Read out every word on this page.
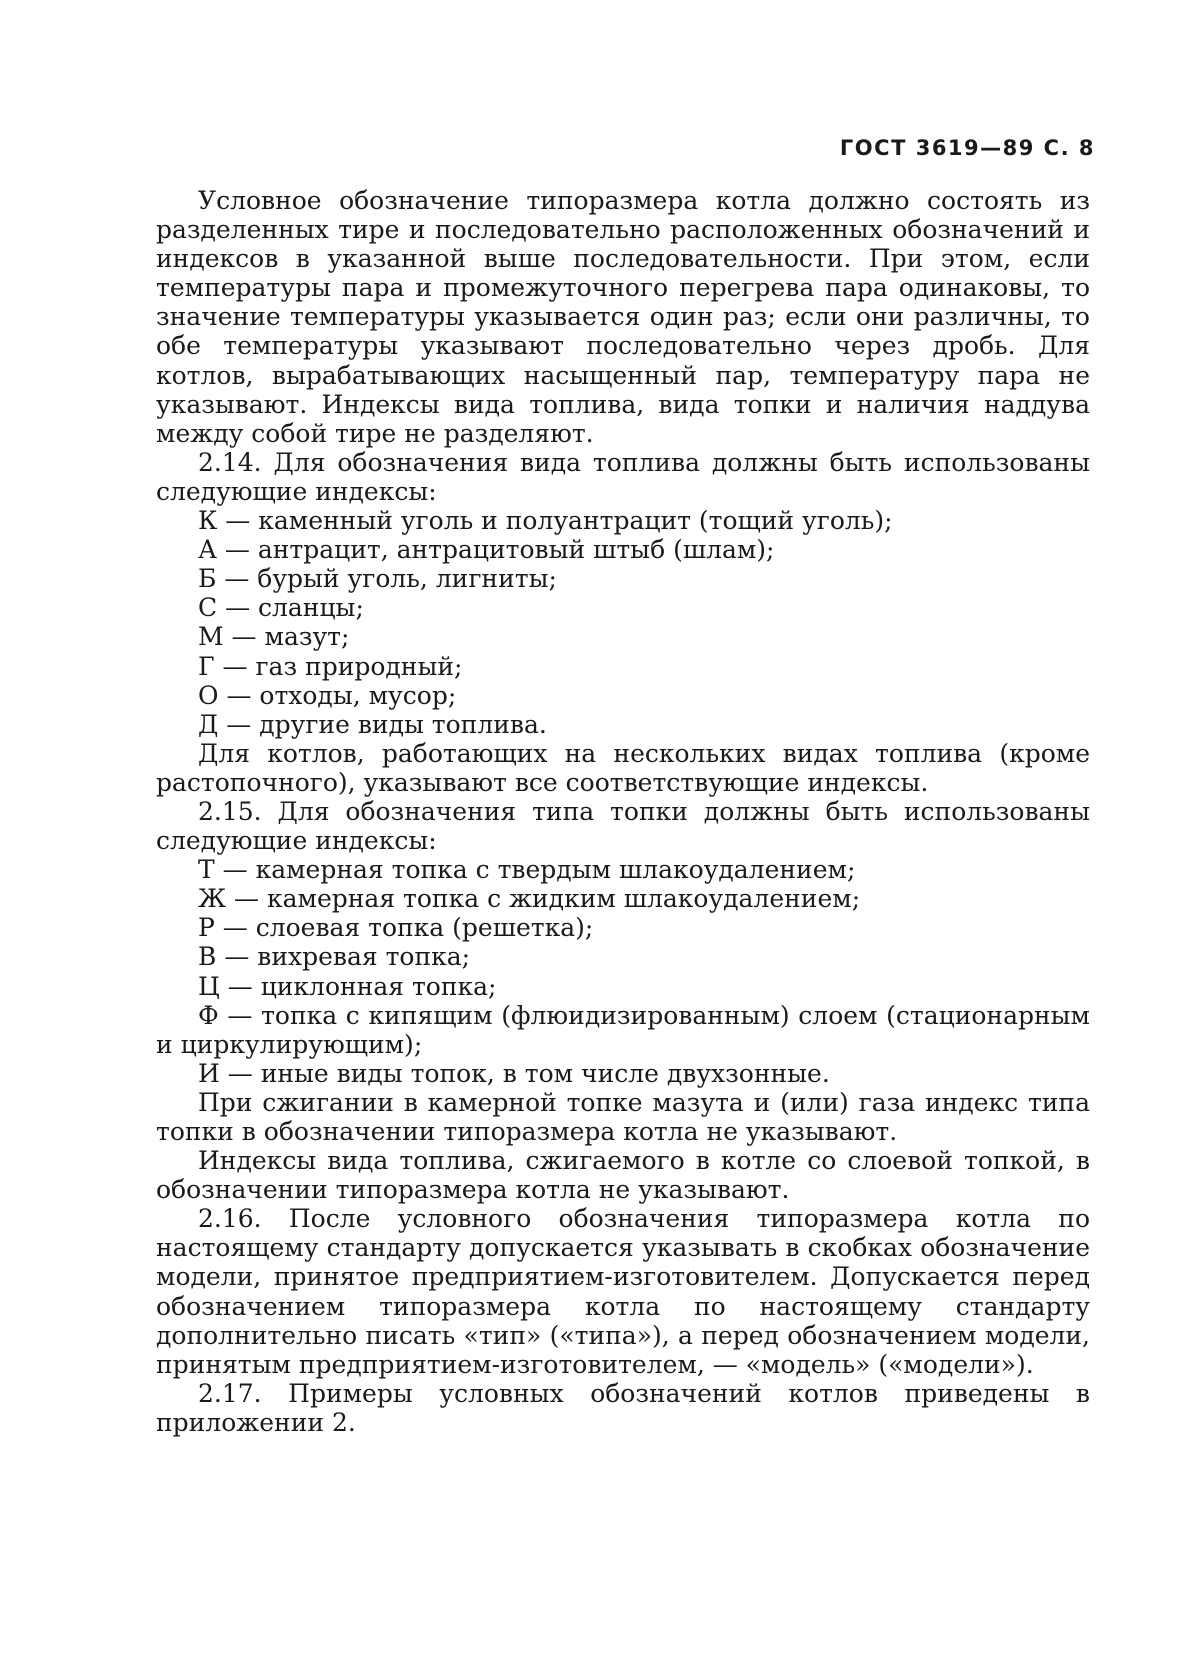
ГОСТ 3619—89 С. 8

Условное обозначение типоразмера котла должно состоять из разделенных тире и последовательно расположенных обозначений и индексов в указанной выше последовательности. При этом, если температуры пара и промежуточного перегрева пара одинаковы, то значение температуры указывается один раз; если они различны, то обе температуры указывают последовательно через дробь. Для котлов, вырабатывающих насыщенный пар, температуру пара не указывают. Индексы вида топлива, вида топки и наличия наддува между собой тире не разделяют.

2.14. Для обозначения вида топлива должны быть использованы следующие индексы:

К — каменный уголь и полуантрацит (тощий уголь);
А — антрацит, антрацитовый штыб (шлам);
Б — бурый уголь, лигниты;
С — сланцы;
М — мазут;
Г — газ природный;
О — отходы, мусор;
Д — другие виды топлива.

Для котлов, работающих на нескольких видах топлива (кроме растопочного), указывают все соответствующие индексы.

2.15. Для обозначения типа топки должны быть использованы следующие индексы:

Т — камерная топка с твердым шлакоудалением;
Ж — камерная топка с жидким шлакоудалением;
Р — слоевая топка (решетка);
В — вихревая топка;
Ц — циклонная топка;
Ф — топка с кипящим (флюидизированным) слоем (стационарным и циркулирующим);
И — иные виды топок, в том числе двухзонные.

При сжигании в камерной топке мазута и (или) газа индекс типа топки в обозначении типоразмера котла не указывают.

Индексы вида топлива, сжигаемого в котле со слоевой топкой, в обозначении типоразмера котла не указывают.

2.16. После условного обозначения типоразмера котла по настоящему стандарту допускается указывать в скобках обозначение модели, принятое предприятием-изготовителем. Допускается перед обозначением типоразмера котла по настоящему стандарту дополнительно писать «тип» («типа»), а перед обозначением модели, принятым предприятием-изготовителем, — «модель» («модели»).

2.17. Примеры условных обозначений котлов приведены в приложении 2.
